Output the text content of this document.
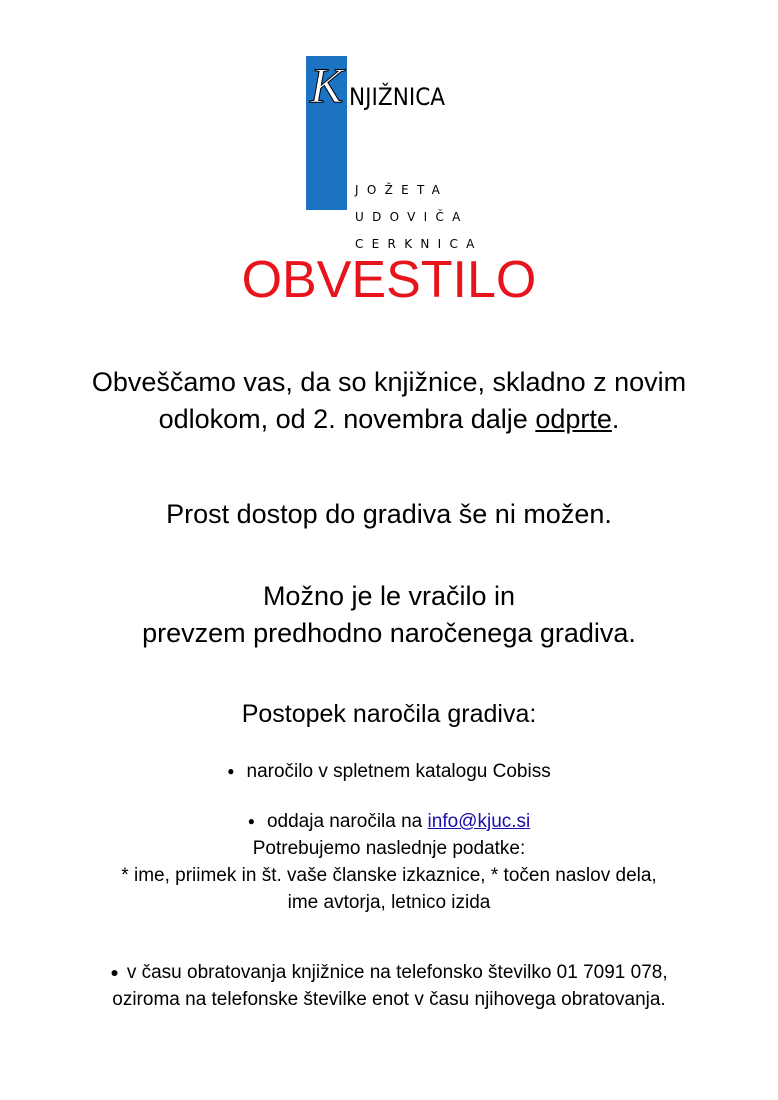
K NJIŽNICA
JOŽETA
UDOVIČA
CERKNICA
OBVESTILO
Obveščamo vas, da so knjižnice, skladno z novim
odlokom, od 2. novembra dalje odprte.
Prost dostop do gradiva še ni možen.
Možno je le vračilo in
prevzem predhodno naročenega gradiva.
Postopek naročila gradiva:
● naročilo v spletnem katalogu Cobiss
● oddaja naročila na info@kjuc.si
Potrebujemo naslednje podatke:
* ime, priimek in št. vaše članske izkaznice, * točen naslov dela,
ime avtorja, letnico izida
● v času obratovanja knjižnice na telefonsko številko 01 7091 078,
oziroma na telefonske številke enot v času njihovega obratovanja.
